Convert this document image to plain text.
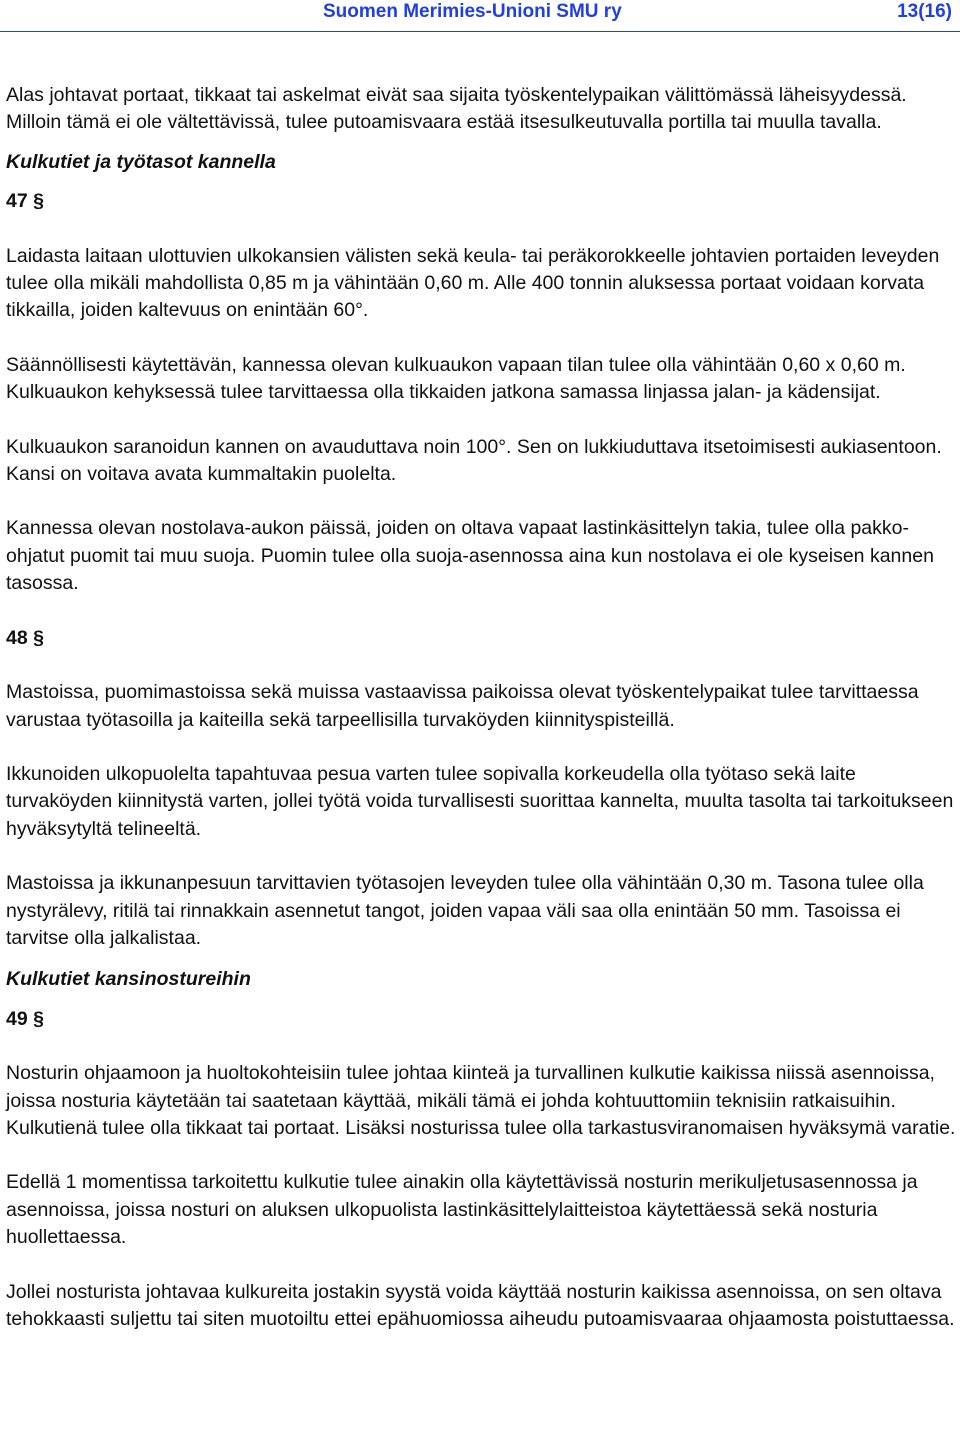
Suomen Merimies-Unioni SMU ry	13(16)

Alas johtavat portaat, tikkaat tai askelmat eivät saa sijaita työskentelypaikan välittömässä läheisyydessä. Milloin tämä ei ole vältettävissä, tulee putoamisvaara estää itsesulkeutuvalla portilla tai muulla tavalla.

Kulkutiet ja työtasot kannella

47 §

Laidasta laitaan ulottuvien ulkokansien välisten sekä keula- tai peräkorokkeelle johtavien portaiden leveyden tulee olla mikäli mahdollista 0,85 m ja vähintään 0,60 m. Alle 400 tonnin aluksessa portaat voidaan korvata tikkailla, joiden kaltevuus on enintään 60°.

Säännöllisesti käytettävän, kannessa olevan kulkuaukon vapaan tilan tulee olla vähintään 0,60 x 0,60 m. Kulkuaukon kehyksessä tulee tarvittaessa olla tikkaiden jatkona samassa linjassa jalan- ja kädensijat.

Kulkuaukon saranoidun kannen on avauduttava noin 100°. Sen on lukkiuduttava itsetoimisesti aukiasentoon. Kansi on voitava avata kummaltakin puolelta.

Kannessa olevan nostolava-aukon päissä, joiden on oltava vapaat lastinkäsittelyn takia, tulee olla pakko-ohjatut puomit tai muu suoja. Puomin tulee olla suoja-asennossa aina kun nostolava ei ole kyseisen kannen tasossa.

48 §

Mastoissa, puomimastoissa sekä muissa vastaavissa paikoissa olevat työskentelypaikat tulee tarvittaessa varustaa työtasoilla ja kaiteilla sekä tarpeellisilla turvaköyden kiinnityspisteillä.

Ikkunoiden ulkopuolelta tapahtuvaa pesua varten tulee sopivalla korkeudella olla työtaso sekä laite turvaköyden kiinnitystä varten, jollei työtä voida turvallisesti suorittaa kannelta, muulta tasolta tai tarkoitukseen hyväksytyltä telineeltä.

Mastoissa ja ikkunanpesuun tarvittavien työtasojen leveyden tulee olla vähintään 0,30 m. Tasona tulee olla nystyrälevy, ritilä tai rinnakkain asennetut tangot, joiden vapaa väli saa olla enintään 50 mm. Tasoissa ei tarvitse olla jalkalistaa.

Kulkutiet kansinostureihin

49 §

Nosturin ohjaamoon ja huoltokohteisiin tulee johtaa kiinteä ja turvallinen kulkutie kaikissa niissä asennoissa, joissa nosturia käytetään tai saatetaan käyttää, mikäli tämä ei johda kohtuuttomiin teknisiin ratkaisuihin. Kulkutienä tulee olla tikkaat tai portaat. Lisäksi nosturissa tulee olla tarkastusviranomaisen hyväksymä varatie.

Edellä 1 momentissa tarkoitettu kulkutie tulee ainakin olla käytettävissä nosturin merikuljetusasennossa ja asennoissa, joissa nosturi on aluksen ulkopuolista lastinkäsittelylaitteistoa käytettäessä sekä nosturia huollettaessa.

Jollei nosturista johtavaa kulkureita jostakin syystä voida käyttää nosturin kaikissa asennoissa, on sen oltava tehokkaasti suljettu tai siten muotoiltu ettei epähuomiossa aiheudu putoamisvaaraa ohjaamosta poistuttaessa.
